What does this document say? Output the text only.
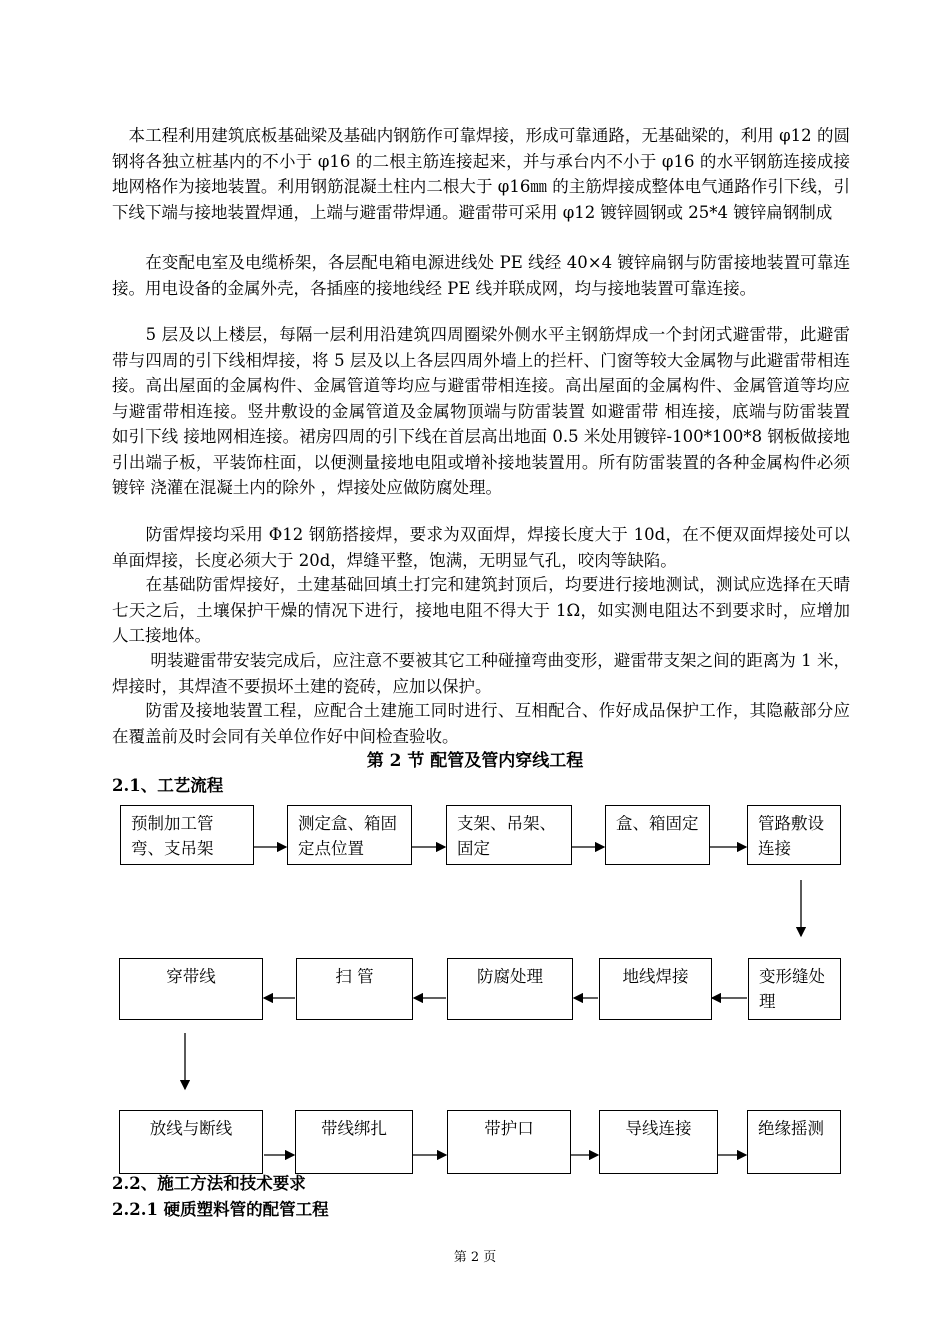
　本工程利用建筑底板基础梁及基础内钢筋作可靠焊接，形成可靠通路，无基础梁的，利用 φ12 的圆钢将各独立桩基内的不小于 φ16 的二根主筋连接起来，并与承台内不小于 φ16 的水平钢筋连接成接地网格作为接地装置。利用钢筋混凝土柱内二根大于 φ16㎜ 的主筋焊接成整体电气通路作引下线，引下线下端与接地装置焊通，上端与避雷带焊通。避雷带可采用 φ12 镀锌圆钢或 25*4 镀锌扁钢制成

　　在变配电室及电缆桥架，各层配电箱电源进线处 PE 线经 40×4 镀锌扁钢与防雷接地装置可靠连接。用电设备的金属外壳，各插座的接地线经 PE 线并联成网，均与接地装置可靠连接。

　　5 层及以上楼层，每隔一层利用沿建筑四周圈梁外侧水平主钢筋焊成一个封闭式避雷带，此避雷带与四周的引下线相焊接，将 5 层及以上各层四周外墙上的拦杆、门窗等较大金属物与此避雷带相连接。高出屋面的金属构件、金属管道等均应与避雷带相连接。高出屋面的金属构件、金属管道等均应与避雷带相连接。竖井敷设的金属管道及金属物顶端与防雷装置 如避雷带 相连接，底端与防雷装置 如引下线 接地网相连接。裙房四周的引下线在首层高出地面 0.5 米处用镀锌-100*100*8 钢板做接地引出端子板，平装饰柱面，以便测量接地电阻或增补接地装置用。所有防雷装置的各种金属构件必须镀锌 浇灌在混凝土内的除外 ，焊接处应做防腐处理。

　　防雷焊接均采用 Φ12 钢筋搭接焊，要求为双面焊，焊接长度大于 10d，在不便双面焊接处可以单面焊接，长度必须大于 20d，焊缝平整，饱满，无明显气孔，咬肉等缺陷。

　　在基础防雷焊接好，土建基础回填土打完和建筑封顶后，均要进行接地测试，测试应选择在天晴七天之后，土壤保护干燥的情况下进行，接地电阻不得大于 1Ω，如实测电阻达不到要求时，应增加人工接地体。

　　 明装避雷带安装完成后，应注意不要被其它工种碰撞弯曲变形，避雷带支架之间的距离为 1 米，焊接时，其焊渣不要损坏土建的瓷砖，应加以保护。

　　防雷及接地装置工程，应配合土建施工同时进行、互相配合、作好成品保护工作，其隐蔽部分应在覆盖前及时会同有关单位作好中间检查验收。

第 2 节 配管及管内穿线工程

2.1、工艺流程

预制加工管弯、支吊架
测定盒、箱固定点位置
支架、吊架、固定
盒、箱固定	管路敷设连接
穿带线	扫 管	防腐处理	地线焊接	变形缝处理
放线与断线	带线绑扎	带护口	导线连接	绝缘摇测

2.2、施工方法和技术要求

2.2.1 硬质塑料管的配管工程

第 2 页
